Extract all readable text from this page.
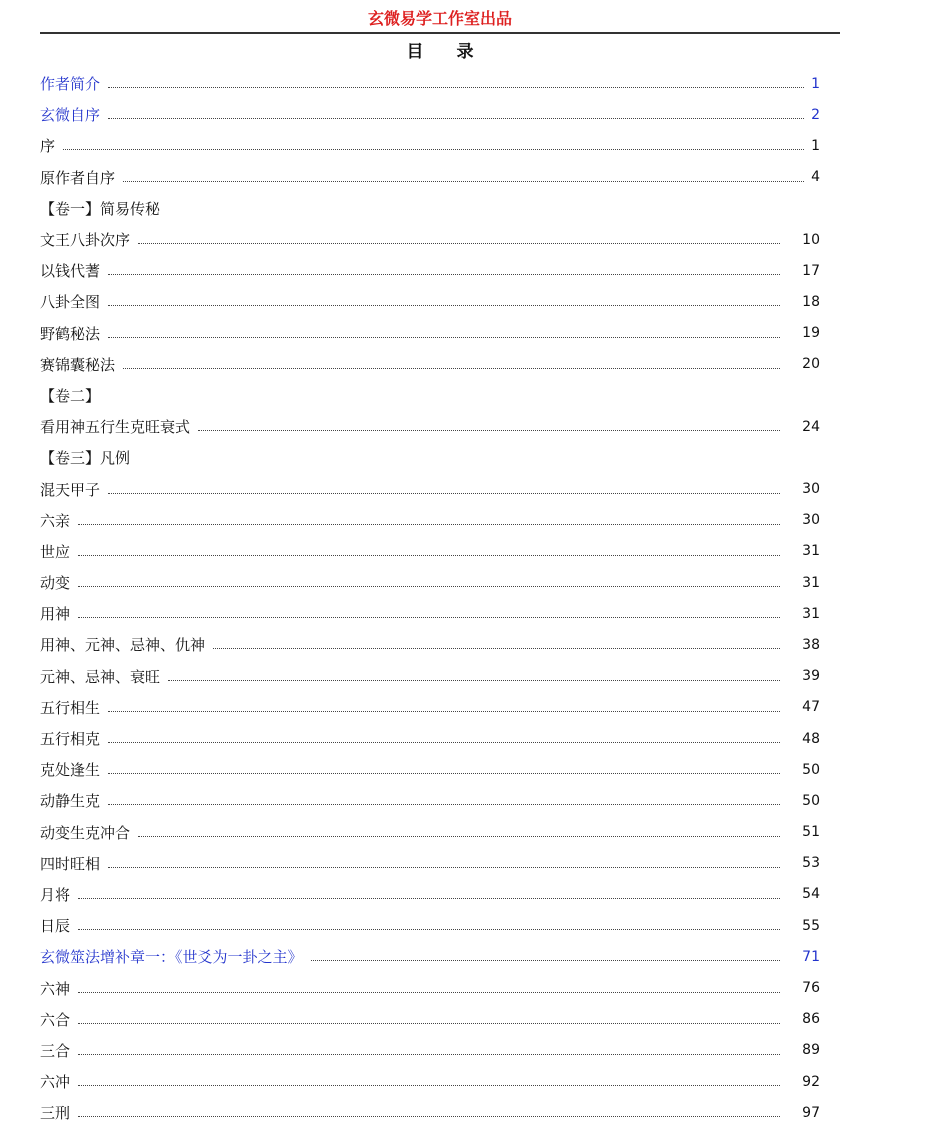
玄微易学工作室出品
目 录
作者简介	1
玄微自序	2
序	1
原作者自序	4
【卷一】简易传秘
文王八卦次序	10
以钱代蓍	17
八卦全图	18
野鹤秘法	19
赛锦囊秘法	20
【卷二】
看用神五行生克旺衰式	24
【卷三】凡例
混天甲子	30
六亲	30
世应	31
动变	31
用神	31
用神、元神、忌神、仇神	38
元神、忌神、衰旺	39
五行相生	47
五行相克	48
克处逢生	50
动静生克	50
动变生克冲合	51
四时旺相	53
月将	54
日辰	55
玄微筮法增补章一：《世爻为一卦之主》	71
六神	76
六合	86
三合	89
六冲	92
三刑	97
